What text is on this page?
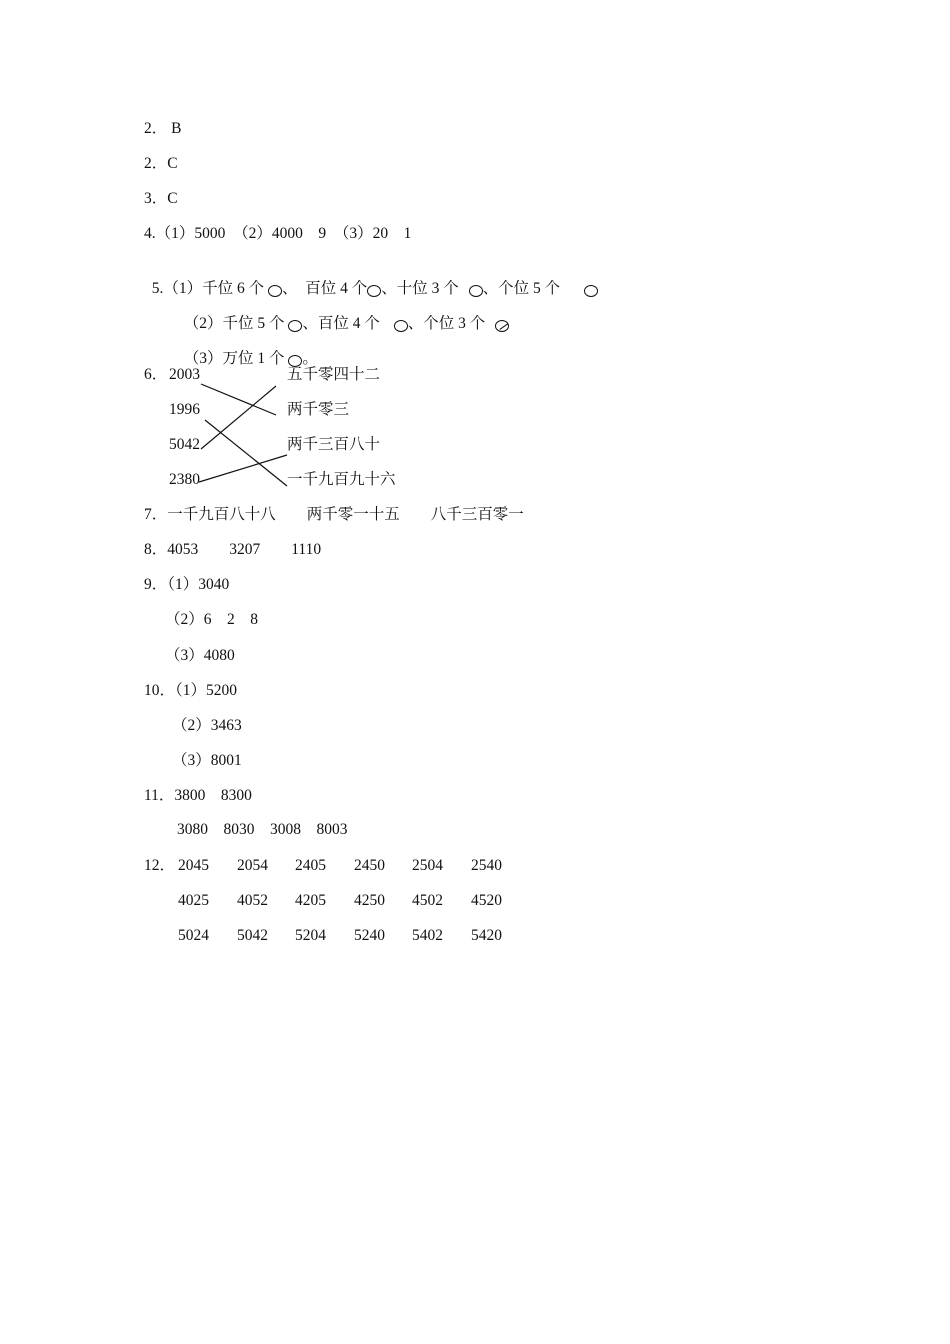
2． B
2．C
3．C
4.（1）5000　（2）4000　9　（3）20　1

5.（1）千位 6 个 、　百位 4 个 、十位 3 个 、个位 5 个

（2）千位 5 个 、百位 4 个 、个位 3 个

（3）万位 1 个 。

6． 2003
1996
5042
2380
五千零四十二
两千零三
两千三百八十
一千九百九十六
7．一千九百八十八　　两千零一十五　　八千三百零一
8．4053　　3207　　1110
9．（1）3040
（2）6　2　8
（3）4080
10．（1）5200
（2）3463
（3）8001
11．3800　8300
3080　8030　3008　8003
12． 2045 2054 2405 2450 2504 2540
4025 4052 4205 4250 4502 4520
5024 5042 5204 5240 5402 5420
